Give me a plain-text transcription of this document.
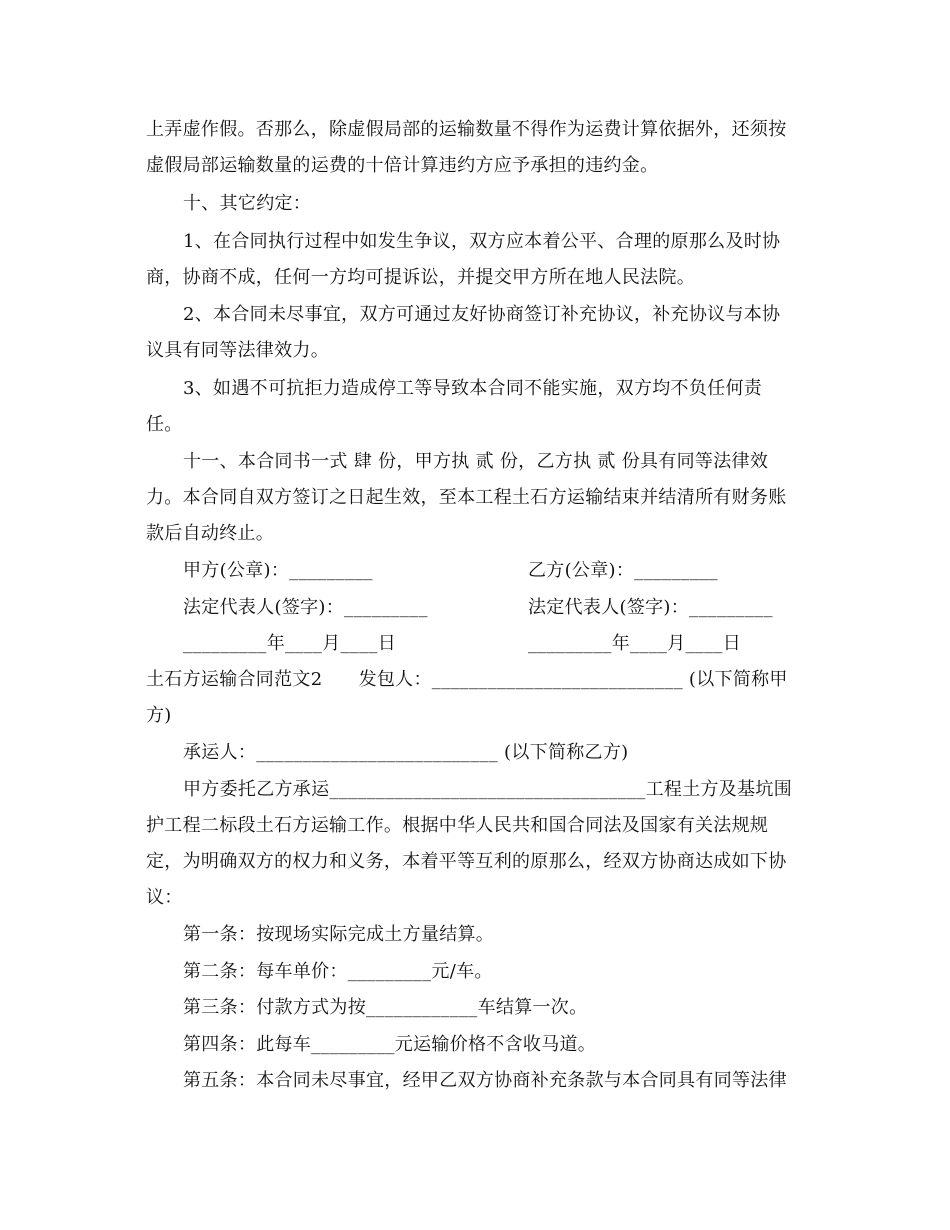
上弄虚作假。否那么，除虚假局部的运输数量不得作为运费计算依据外，还须按
虚假局部运输数量的运费的十倍计算违约方应予承担的违约金。
十、其它约定：
1、在合同执行过程中如发生争议，双方应本着公平、合理的原那么及时协
商，协商不成，任何一方均可提诉讼，并提交甲方所在地人民法院。
2、本合同未尽事宜，双方可通过友好协商签订补充协议，补充协议与本协
议具有同等法律效力。
3、如遇不可抗拒力造成停工等导致本合同不能实施，双方均不负任何责
任。
十一、本合同书一式 肆 份，甲方执 贰 份，乙方执 贰 份具有同等法律效
力。本合同自双方签订之日起生效，至本工程土石方运输结束并结清所有财务账
款后自动终止。
甲方(公章)：_________	乙方(公章)：_________
法定代表人(签字)：_________	法定代表人(签字)：_________
_________年____月____日	_________年____月____日
土石方运输合同范文2      发包人：___________________________ (以下简称甲
方)
承运人：__________________________ (以下简称乙方)
甲方委托乙方承运__________________________________工程土方及基坑围
护工程二标段土石方运输工作。根据中华人民共和国合同法及国家有关法规规
定，为明确双方的权力和义务，本着平等互利的原那么，经双方协商达成如下协
议：
第一条：按现场实际完成土方量结算。
第二条：每车单价：_________元/车。
第三条：付款方式为按____________车结算一次。
第四条：此每车_________元运输价格不含收马道。
第五条：本合同未尽事宜，经甲乙双方协商补充条款与本合同具有同等法律
